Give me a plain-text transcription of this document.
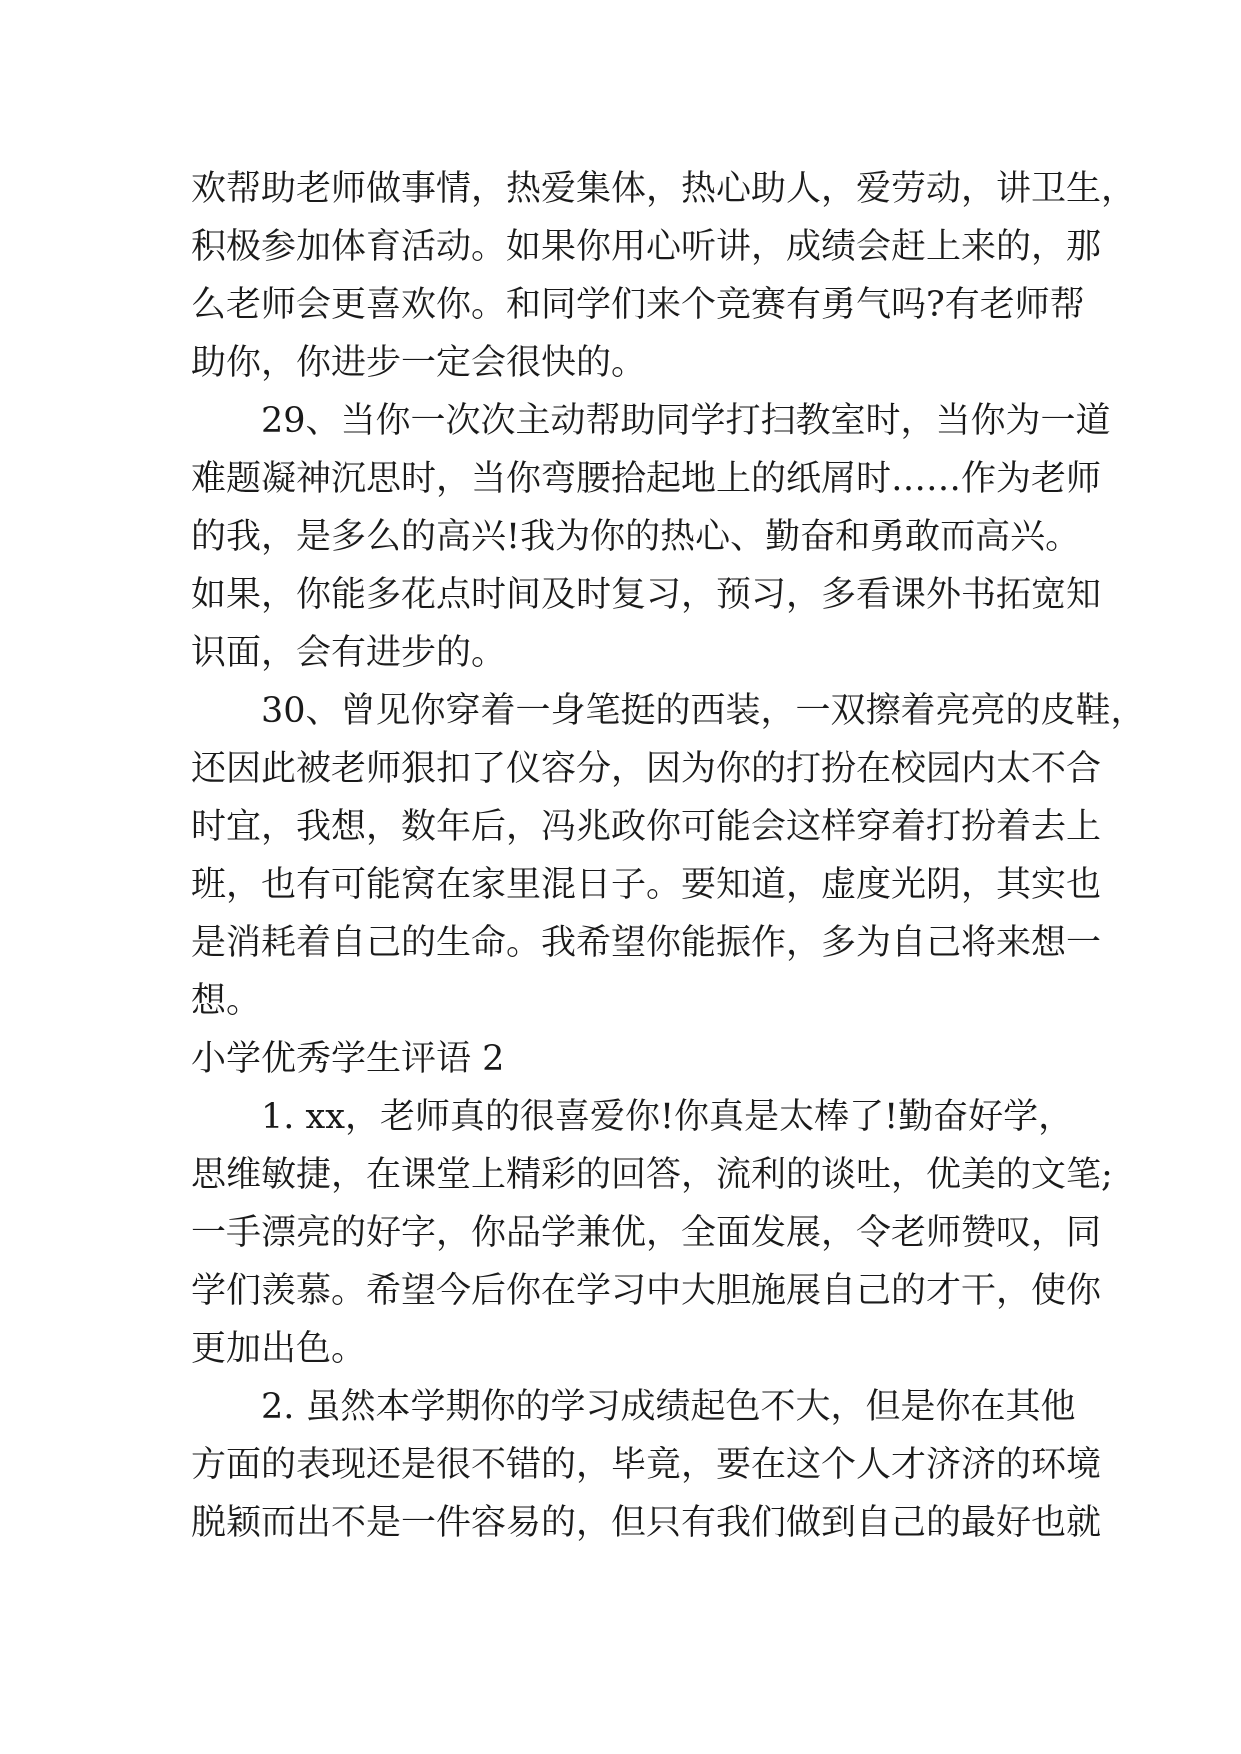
欢帮助老师做事情，热爱集体，热心助人，爱劳动，讲卫生，
积极参加体育活动。如果你用心听讲，成绩会赶上来的，那
么老师会更喜欢你。和同学们来个竞赛有勇气吗?有老师帮
助你，你进步一定会很快的。
29、当你一次次主动帮助同学打扫教室时，当你为一道
难题凝神沉思时，当你弯腰拾起地上的纸屑时……作为老师
的我，是多么的高兴!我为你的热心、勤奋和勇敢而高兴。
如果，你能多花点时间及时复习，预习，多看课外书拓宽知
识面，会有进步的。
30、曾见你穿着一身笔挺的西装，一双擦着亮亮的皮鞋，
还因此被老师狠扣了仪容分，因为你的打扮在校园内太不合
时宜，我想，数年后，冯兆政你可能会这样穿着打扮着去上
班，也有可能窝在家里混日子。要知道，虚度光阴，其实也
是消耗着自己的生命。我希望你能振作，多为自己将来想一
想。
小学优秀学生评语 2
1. xx，老师真的很喜爱你!你真是太棒了!勤奋好学，
思维敏捷，在课堂上精彩的回答，流利的谈吐，优美的文笔;
一手漂亮的好字，你品学兼优，全面发展，令老师赞叹，同
学们羡慕。希望今后你在学习中大胆施展自己的才干，使你
更加出色。
2. 虽然本学期你的学习成绩起色不大，但是你在其他
方面的表现还是很不错的，毕竟，要在这个人才济济的环境
脱颖而出不是一件容易的，但只有我们做到自己的最好也就
